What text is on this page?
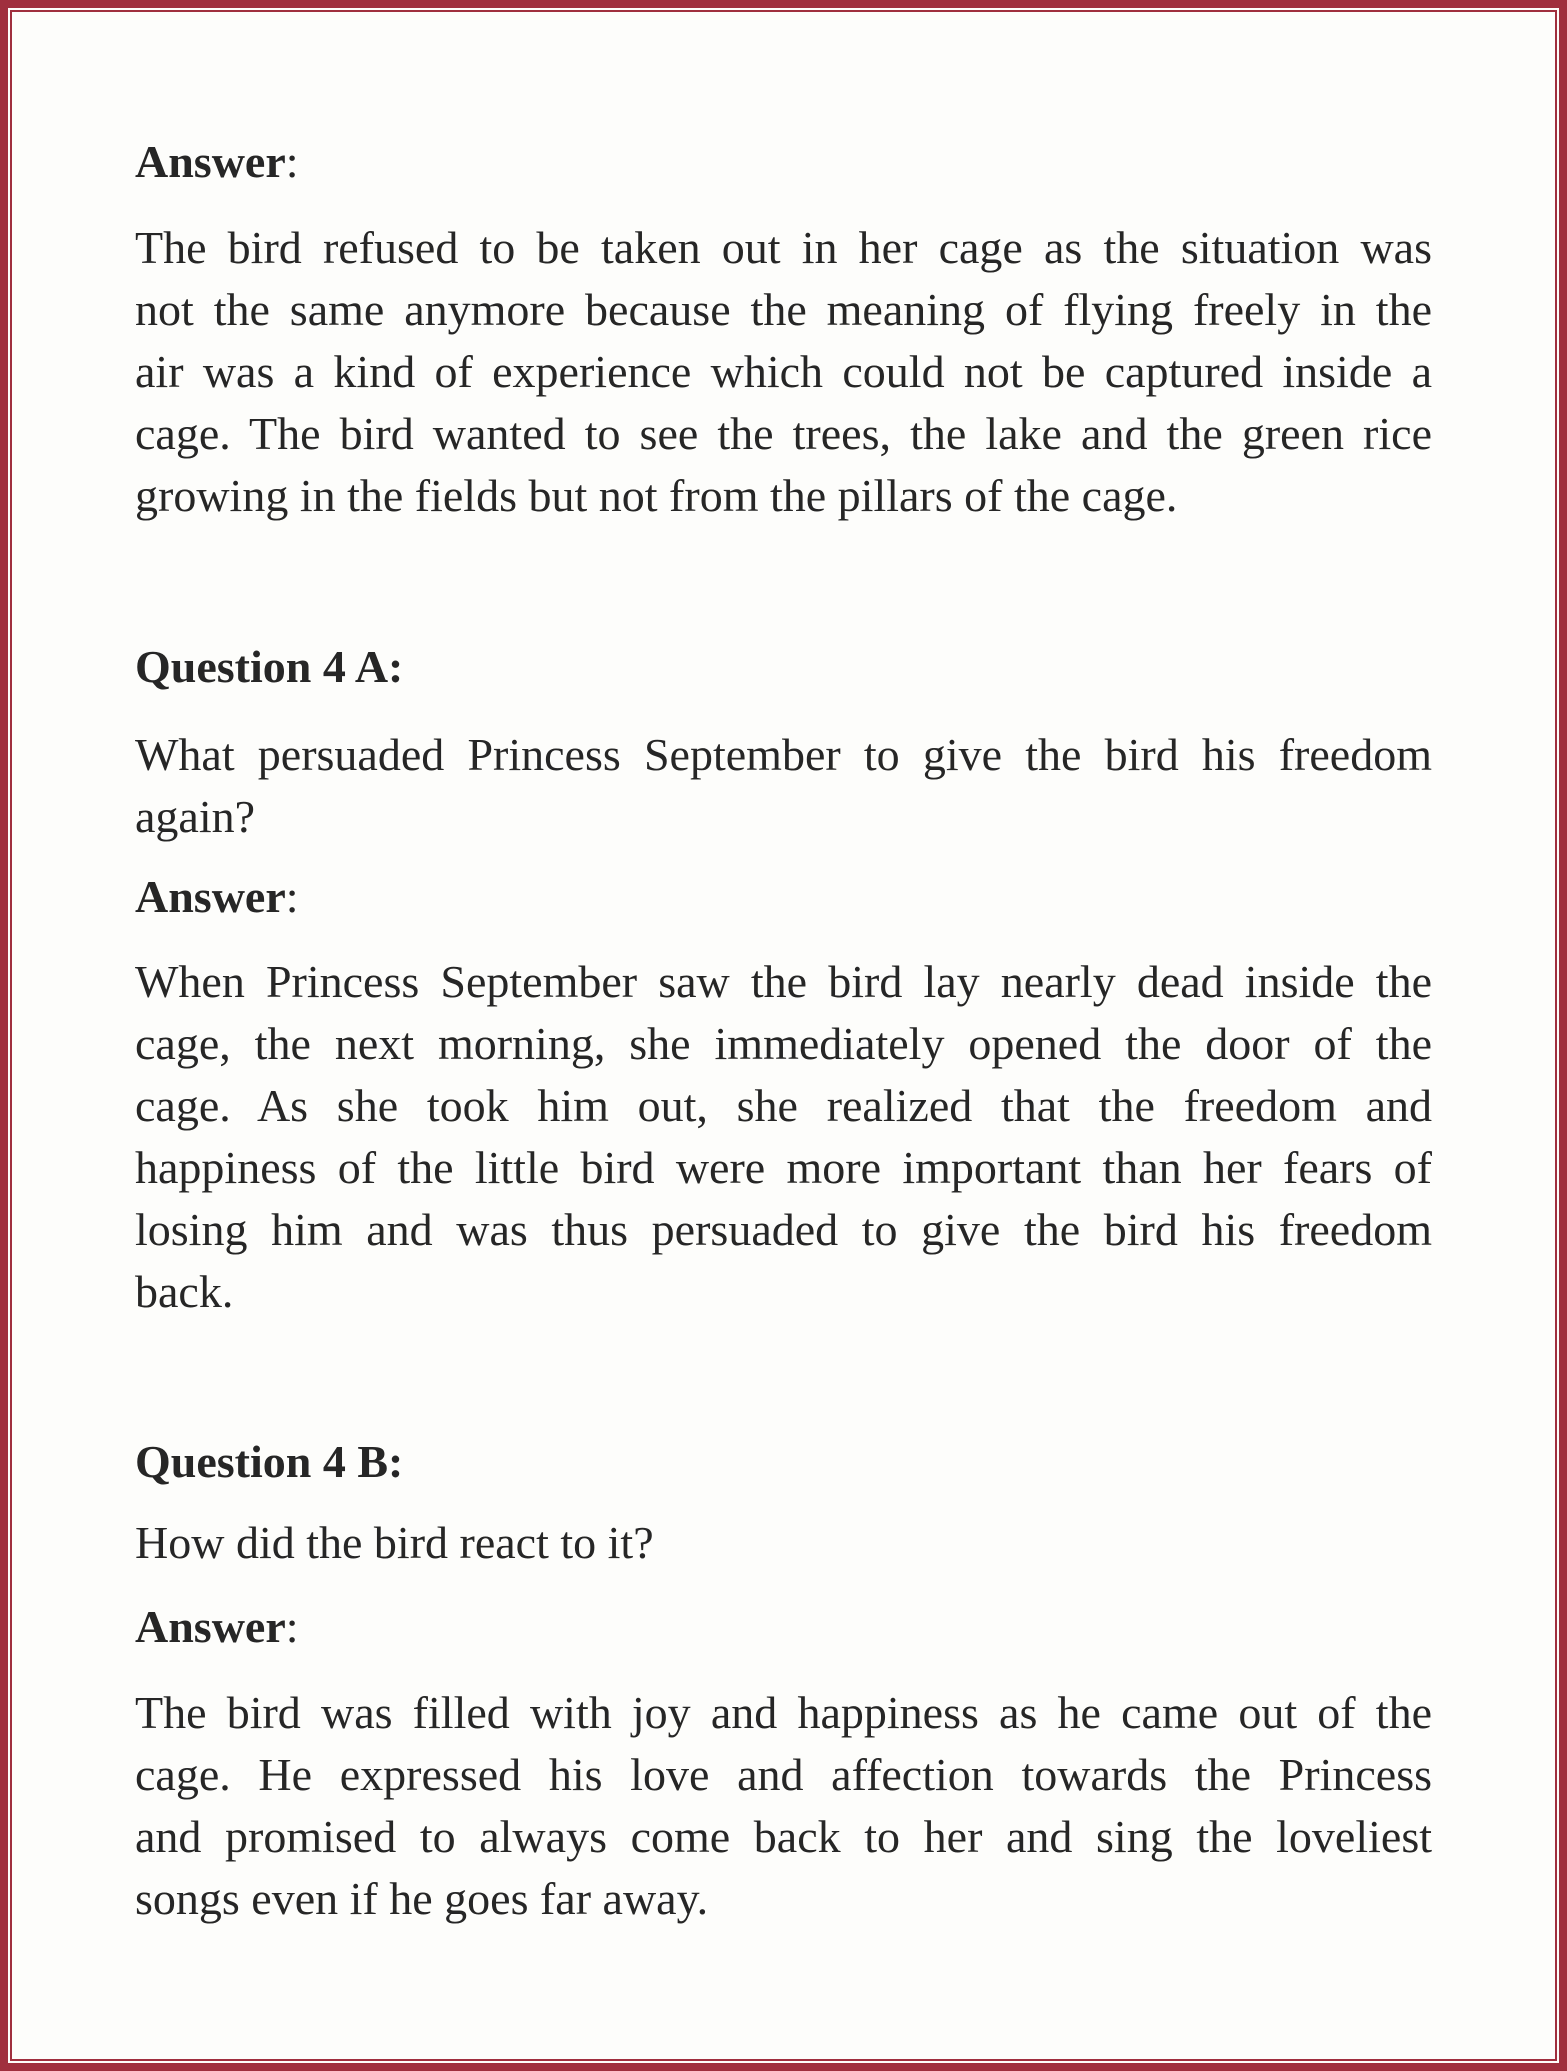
Answer:
The bird refused to be taken out in her cage as the situation was
not the same anymore because the meaning of flying freely in the
air was a kind of experience which could not be captured inside a
cage. The bird wanted to see the trees, the lake and the green rice
growing in the fields but not from the pillars of the cage.
Question 4 A:
What persuaded Princess September to give the bird his freedom
again?
Answer:
When Princess September saw the bird lay nearly dead inside the
cage, the next morning, she immediately opened the door of the
cage. As she took him out, she realized that the freedom and
happiness of the little bird were more important than her fears of
losing him and was thus persuaded to give the bird his freedom
back.
Question 4 B:
How did the bird react to it?
Answer:
The bird was filled with joy and happiness as he came out of the
cage. He expressed his love and affection towards the Princess
and promised to always come back to her and sing the loveliest
songs even if he goes far away.
